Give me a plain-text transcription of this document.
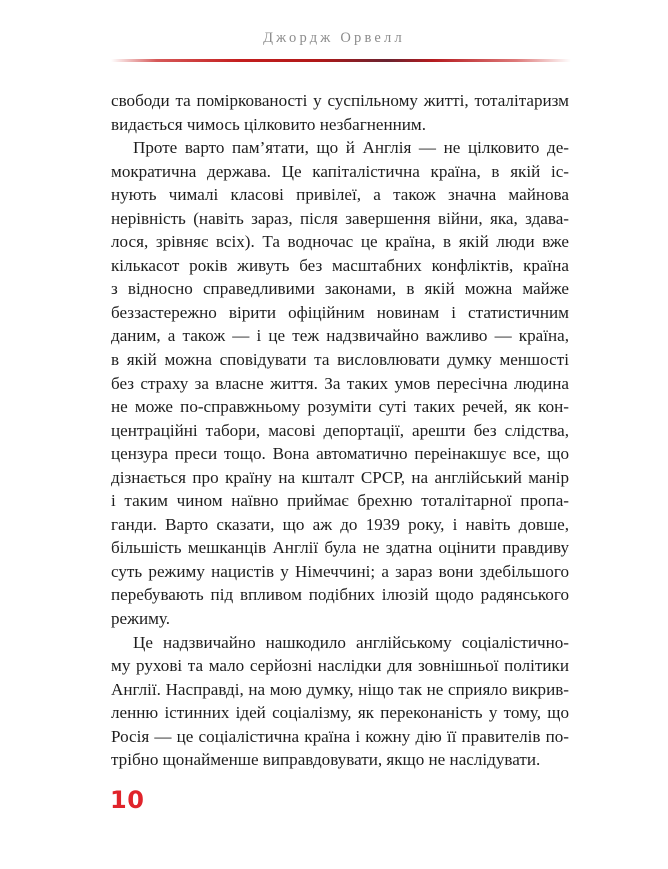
Джордж Орвелл
свободи та поміркованості у суспільному житті, тоталітаризм
видається чимось цілковито незбагненним.
Проте варто пам’ятати, що й Англія — не цілковито де-
мократична держава. Це капіталістична країна, в якій іс-
нують чималі класові привілеї, а також значна майнова
нерівність (навіть зараз, після завершення війни, яка, здава-
лося, зрівняє всіх). Та водночас це країна, в якій люди вже
кількасот років живуть без масштабних конфліктів, країна
з відносно справедливими законами, в якій можна майже
беззастережно вірити офіційним новинам і статистичним
даним, а також — і це теж надзвичайно важливо — країна,
в якій можна сповідувати та висловлювати думку меншості
без страху за власне життя. За таких умов пересічна людина
не може по-справжньому розуміти суті таких речей, як кон-
центраційні табори, масові депортації, арешти без слідства,
цензура преси тощо. Вона автоматично переінакшує все, що
дізнається про країну на кшталт СРСР, на англійський манір
і таким чином наївно приймає брехню тоталітарної пропа-
ганди. Варто сказати, що аж до 1939 року, і навіть довше,
більшість мешканців Англії була не здатна оцінити правдиву
суть режиму нацистів у Німеччині; а зараз вони здебільшого
перебувають під впливом подібних ілюзій щодо радянського
режиму.
Це надзвичайно нашкодило англійському соціалістично-
му рухові та мало серйозні наслідки для зовнішньої політики
Англії. Насправді, на мою думку, ніщо так не сприяло викрив-
ленню істинних ідей соціалізму, як переконаність у тому, що
Росія — це соціалістична країна і кожну дію її правителів по-
трібно щонайменше виправдовувати, якщо не наслідувати.
10
